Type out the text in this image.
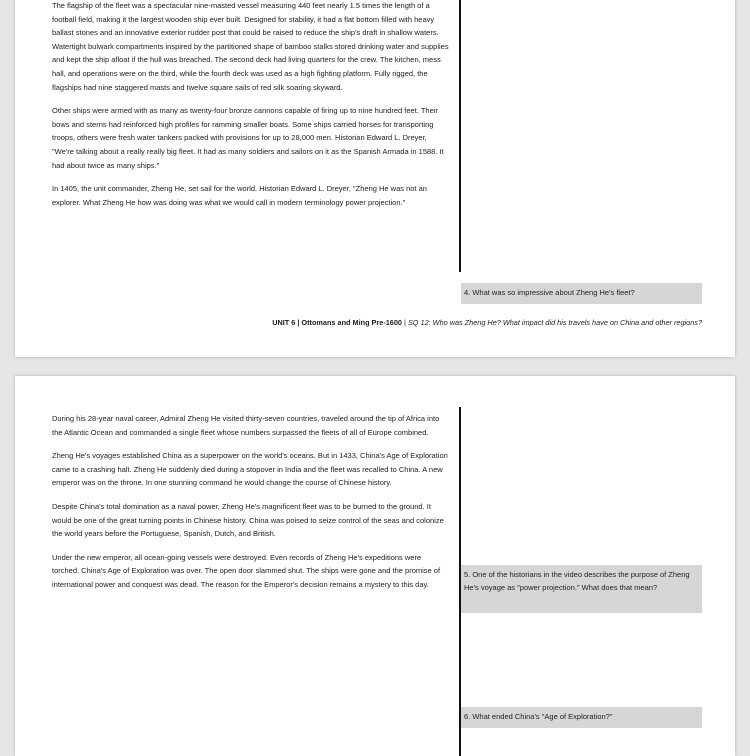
The flagship of the fleet was a spectacular nine-masted vessel measuring 440 feet nearly 1.5 times the length of a football field, making it the largest wooden ship ever built. Designed for stability, it had a flat bottom filled with heavy ballast stones and an innovative exterior rudder post that could be raised to reduce the ship's draft in shallow waters. Watertight bulwark compartments inspired by the partitioned shape of bamboo stalks stored drinking water and supplies and kept the ship afloat if the hull was breached. The second deck had living quarters for the crew. The kitchen, mess hall, and operations were on the third, while the fourth deck was used as a high fighting platform. Fully rigged, the flagships had nine staggered masts and twelve square sails of red silk soaring skyward.

Other ships were armed with as many as twenty-four bronze cannons capable of firing up to nine hundred feet. Their bows and sterns had reinforced high profiles for ramming smaller boats. Some ships carried horses for transporting troops, others were fresh water tankers packed with provisions for up to 28,000 men. Historian Edward L. Dreyer, "We're talking about a really really big fleet. It had as many soldiers and sailors on it as the Spanish Armada in 1588. It had about twice as many ships."

In 1405, the unit commander, Zheng He, set sail for the world. Historian Edward L. Dreyer, "Zheng He was not an explorer. What Zheng He how was doing was what we would call in modern terminology power projection."

4. What was so impressive about Zheng He's fleet?
UNIT 6 | Ottomans and Ming Pre-1600 | SQ 12: Who was Zheng He? What impact did his travels have on China and other regions?

During his 28-year naval career, Admiral Zheng He visited thirty-seven countries, traveled around the tip of Africa into the Atlantic Ocean and commanded a single fleet whose numbers surpassed the fleets of all of Europe combined.

Zheng He's voyages established China as a superpower on the world's oceans. But in 1433, China's Age of Exploration came to a crashing halt. Zheng He suddenly died during a stopover in India and the fleet was recalled to China. A new emperor was on the throne. In one stunning command he would change the course of Chinese history.

Despite China's total domination as a naval power, Zheng He's magnificent fleet was to be burned to the ground. It would be one of the great turning points in Chinese history. China was poised to seize control of the seas and colonize the world years before the Portuguese, Spanish, Dutch, and British.

Under the new emperor, all ocean-going vessels were destroyed. Even records of Zheng He's expeditions were torched. China's Age of Exploration was over. The open door slammed shut. The ships were gone and the promise of international power and conquest was dead. The reason for the Emperor's decision remains a mystery to this day.

5. One of the historians in the video describes the purpose of Zheng He's voyage as "power projection." What does that mean?
6. What ended China's "Age of Exploration?"
